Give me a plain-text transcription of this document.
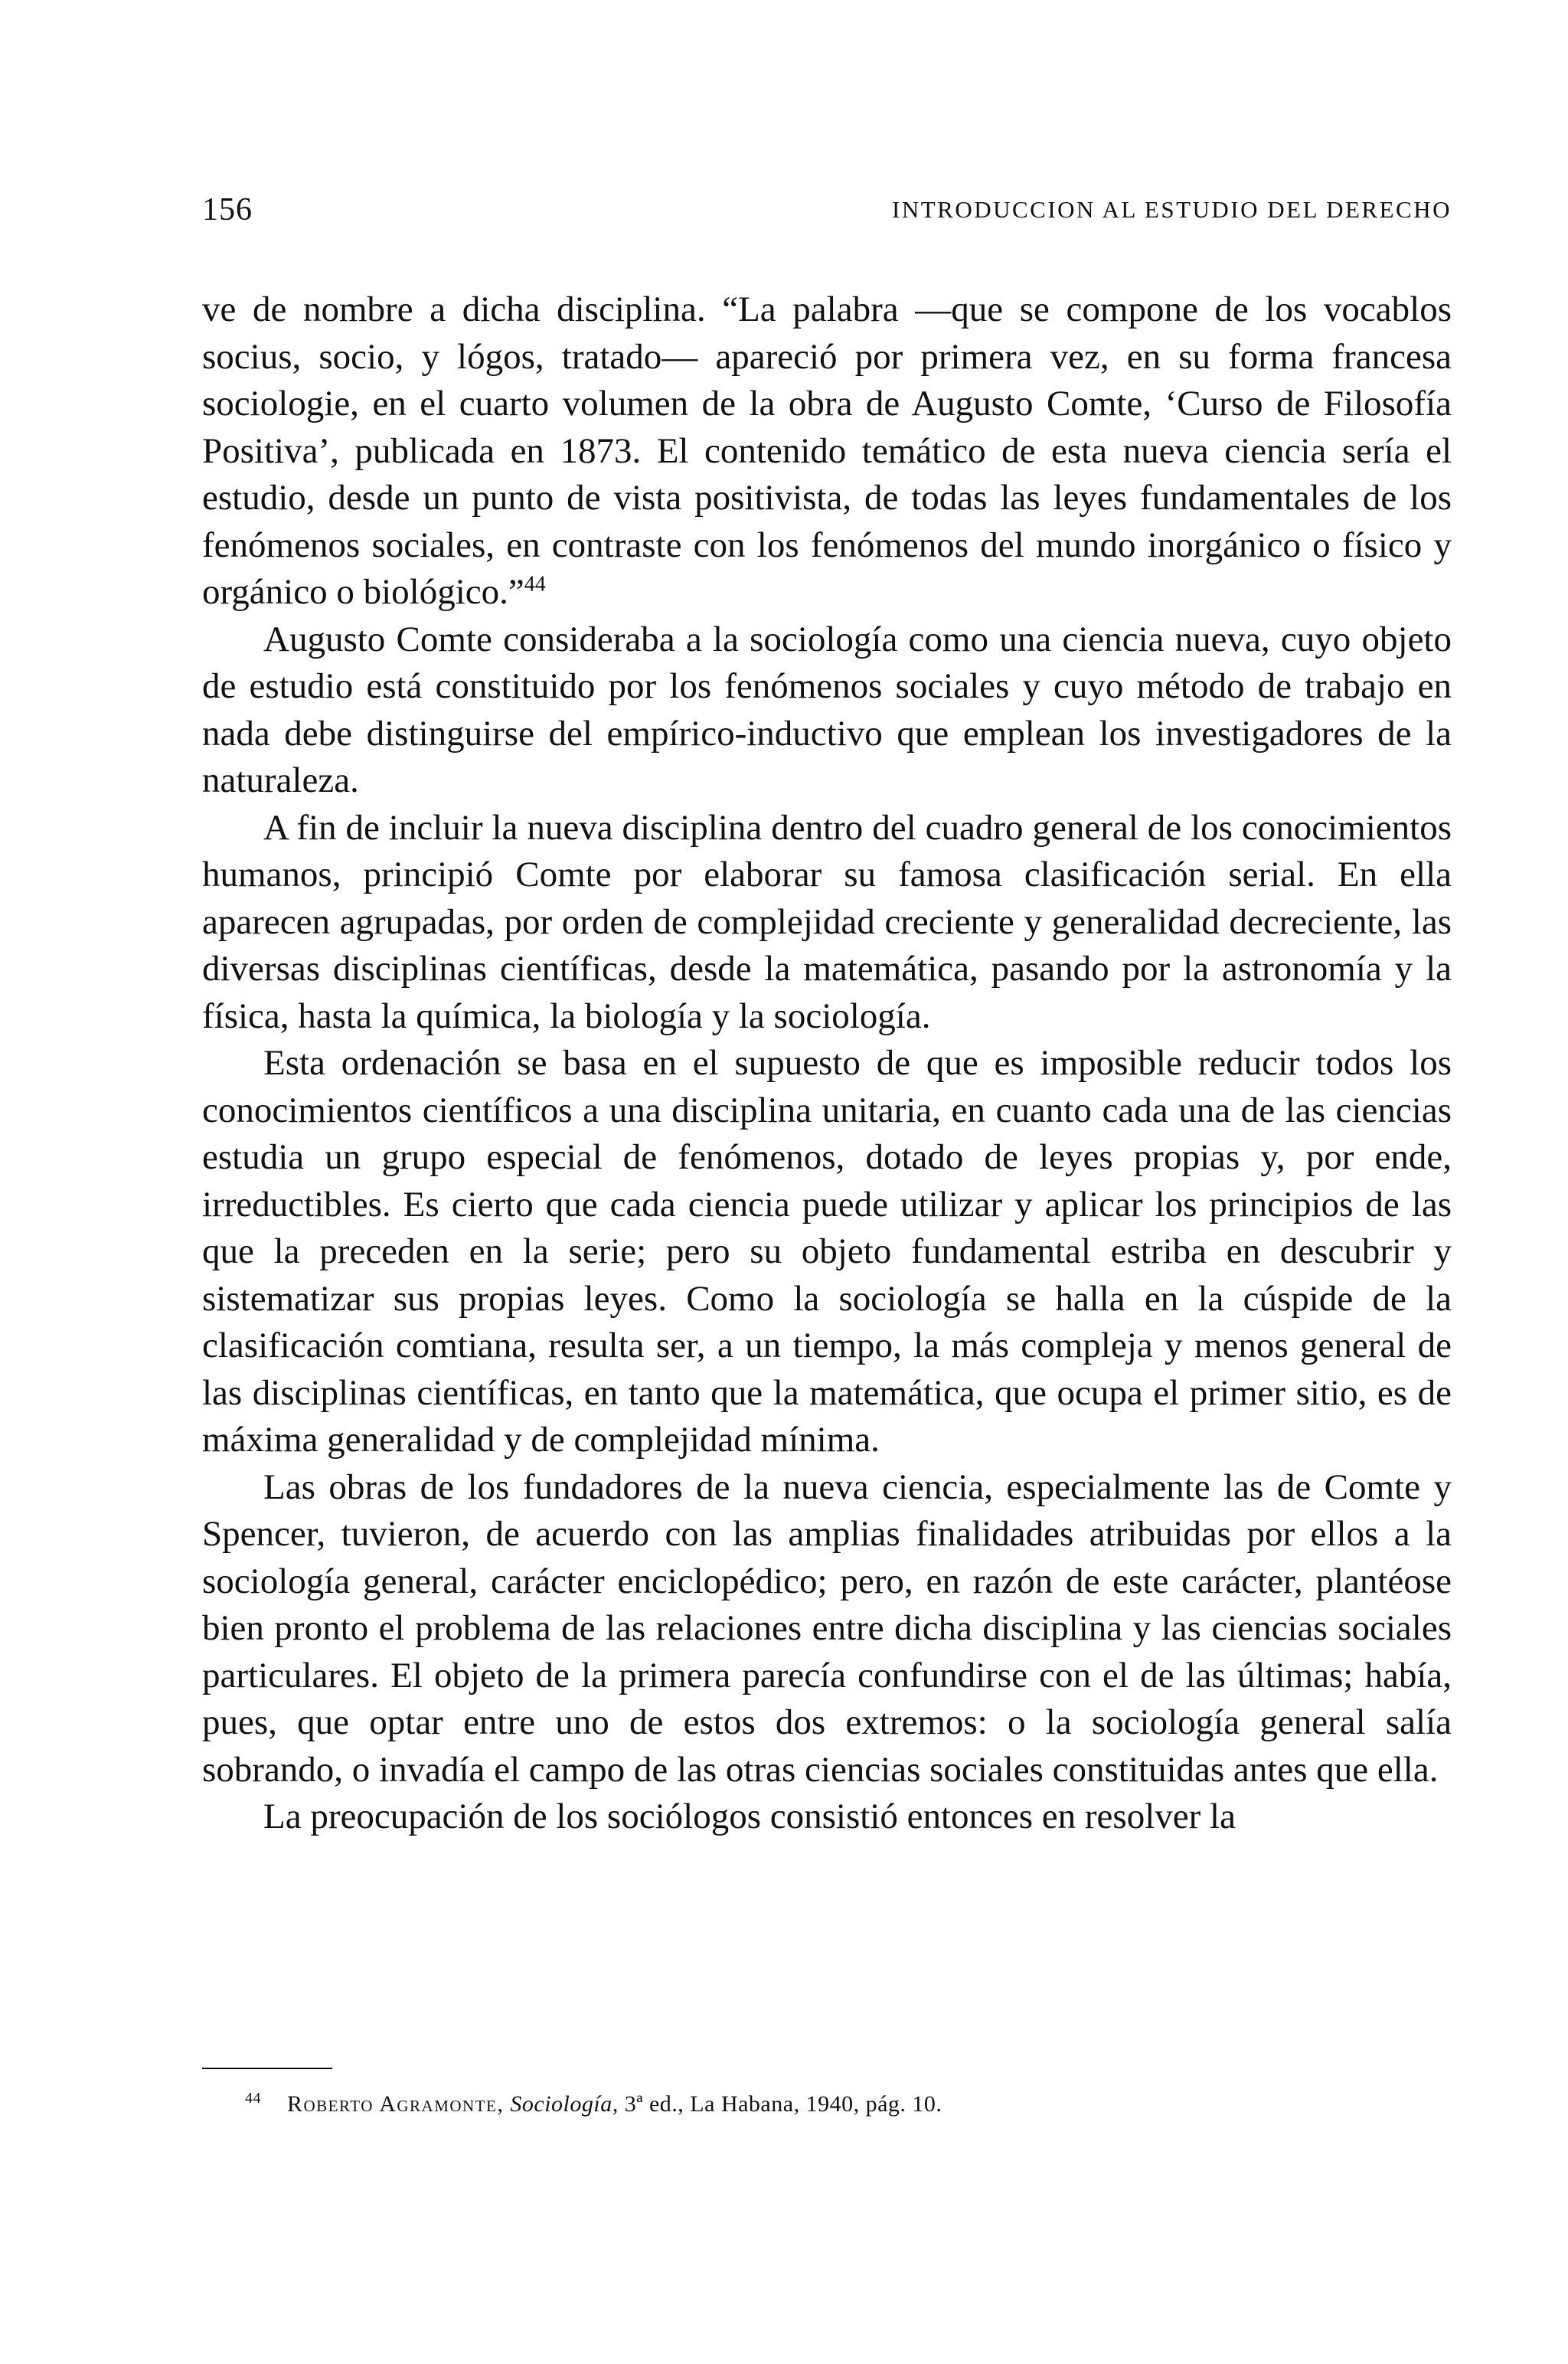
156	INTRODUCCION AL ESTUDIO DEL DERECHO

ve de nombre a dicha disciplina. “La palabra —que se compone de los vocablos socius, socio, y lógos, tratado— apareció por primera vez, en su forma francesa sociologie, en el cuarto volumen de la obra de Augusto Comte, ‘Curso de Filosofía Positiva’, publicada en 1873. El contenido temático de esta nueva ciencia sería el estudio, desde un punto de vista positivista, de todas las leyes fundamentales de los fenómenos sociales, en contraste con los fenómenos del mundo inorgánico o físico y orgánico o biológico.”$^{44}$

Augusto Comte consideraba a la sociología como una ciencia nueva, cuyo objeto de estudio está constituido por los fenómenos sociales y cuyo método de trabajo en nada debe distinguirse del empírico-inductivo que emplean los investigadores de la naturaleza.

A fin de incluir la nueva disciplina dentro del cuadro general de los conocimientos humanos, principió Comte por elaborar su famosa clasificación serial. En ella aparecen agrupadas, por orden de complejidad creciente y generalidad decreciente, las diversas disciplinas científicas, desde la matemática, pasando por la astronomía y la física, hasta la química, la biología y la sociología.

Esta ordenación se basa en el supuesto de que es imposible reducir todos los conocimientos científicos a una disciplina unitaria, en cuanto cada una de las ciencias estudia un grupo especial de fenómenos, dotado de leyes propias y, por ende, irreductibles. Es cierto que cada ciencia puede utilizar y aplicar los principios de las que la preceden en la serie; pero su objeto fundamental estriba en descubrir y sistematizar sus propias leyes. Como la sociología se halla en la cúspide de la clasificación comtiana, resulta ser, a un tiempo, la más compleja y menos general de las disciplinas científicas, en tanto que la matemática, que ocupa el primer sitio, es de máxima generalidad y de complejidad mínima.

Las obras de los fundadores de la nueva ciencia, especialmente las de Comte y Spencer, tuvieron, de acuerdo con las amplias finalidades atribuidas por ellos a la sociología general, carácter enciclopédico; pero, en razón de este carácter, plantéose bien pronto el problema de las relaciones entre dicha disciplina y las ciencias sociales particulares. El objeto de la primera parecía confundirse con el de las últimas; había, pues, que optar entre uno de estos dos extremos: o la sociología general salía sobrando, o invadía el campo de las otras ciencias sociales constituidas antes que ella.

La preocupación de los sociólogos consistió entonces en resolver la

$^{44}$ Roberto Agramonte, Sociología, 3ª ed., La Habana, 1940, pág. 10.
